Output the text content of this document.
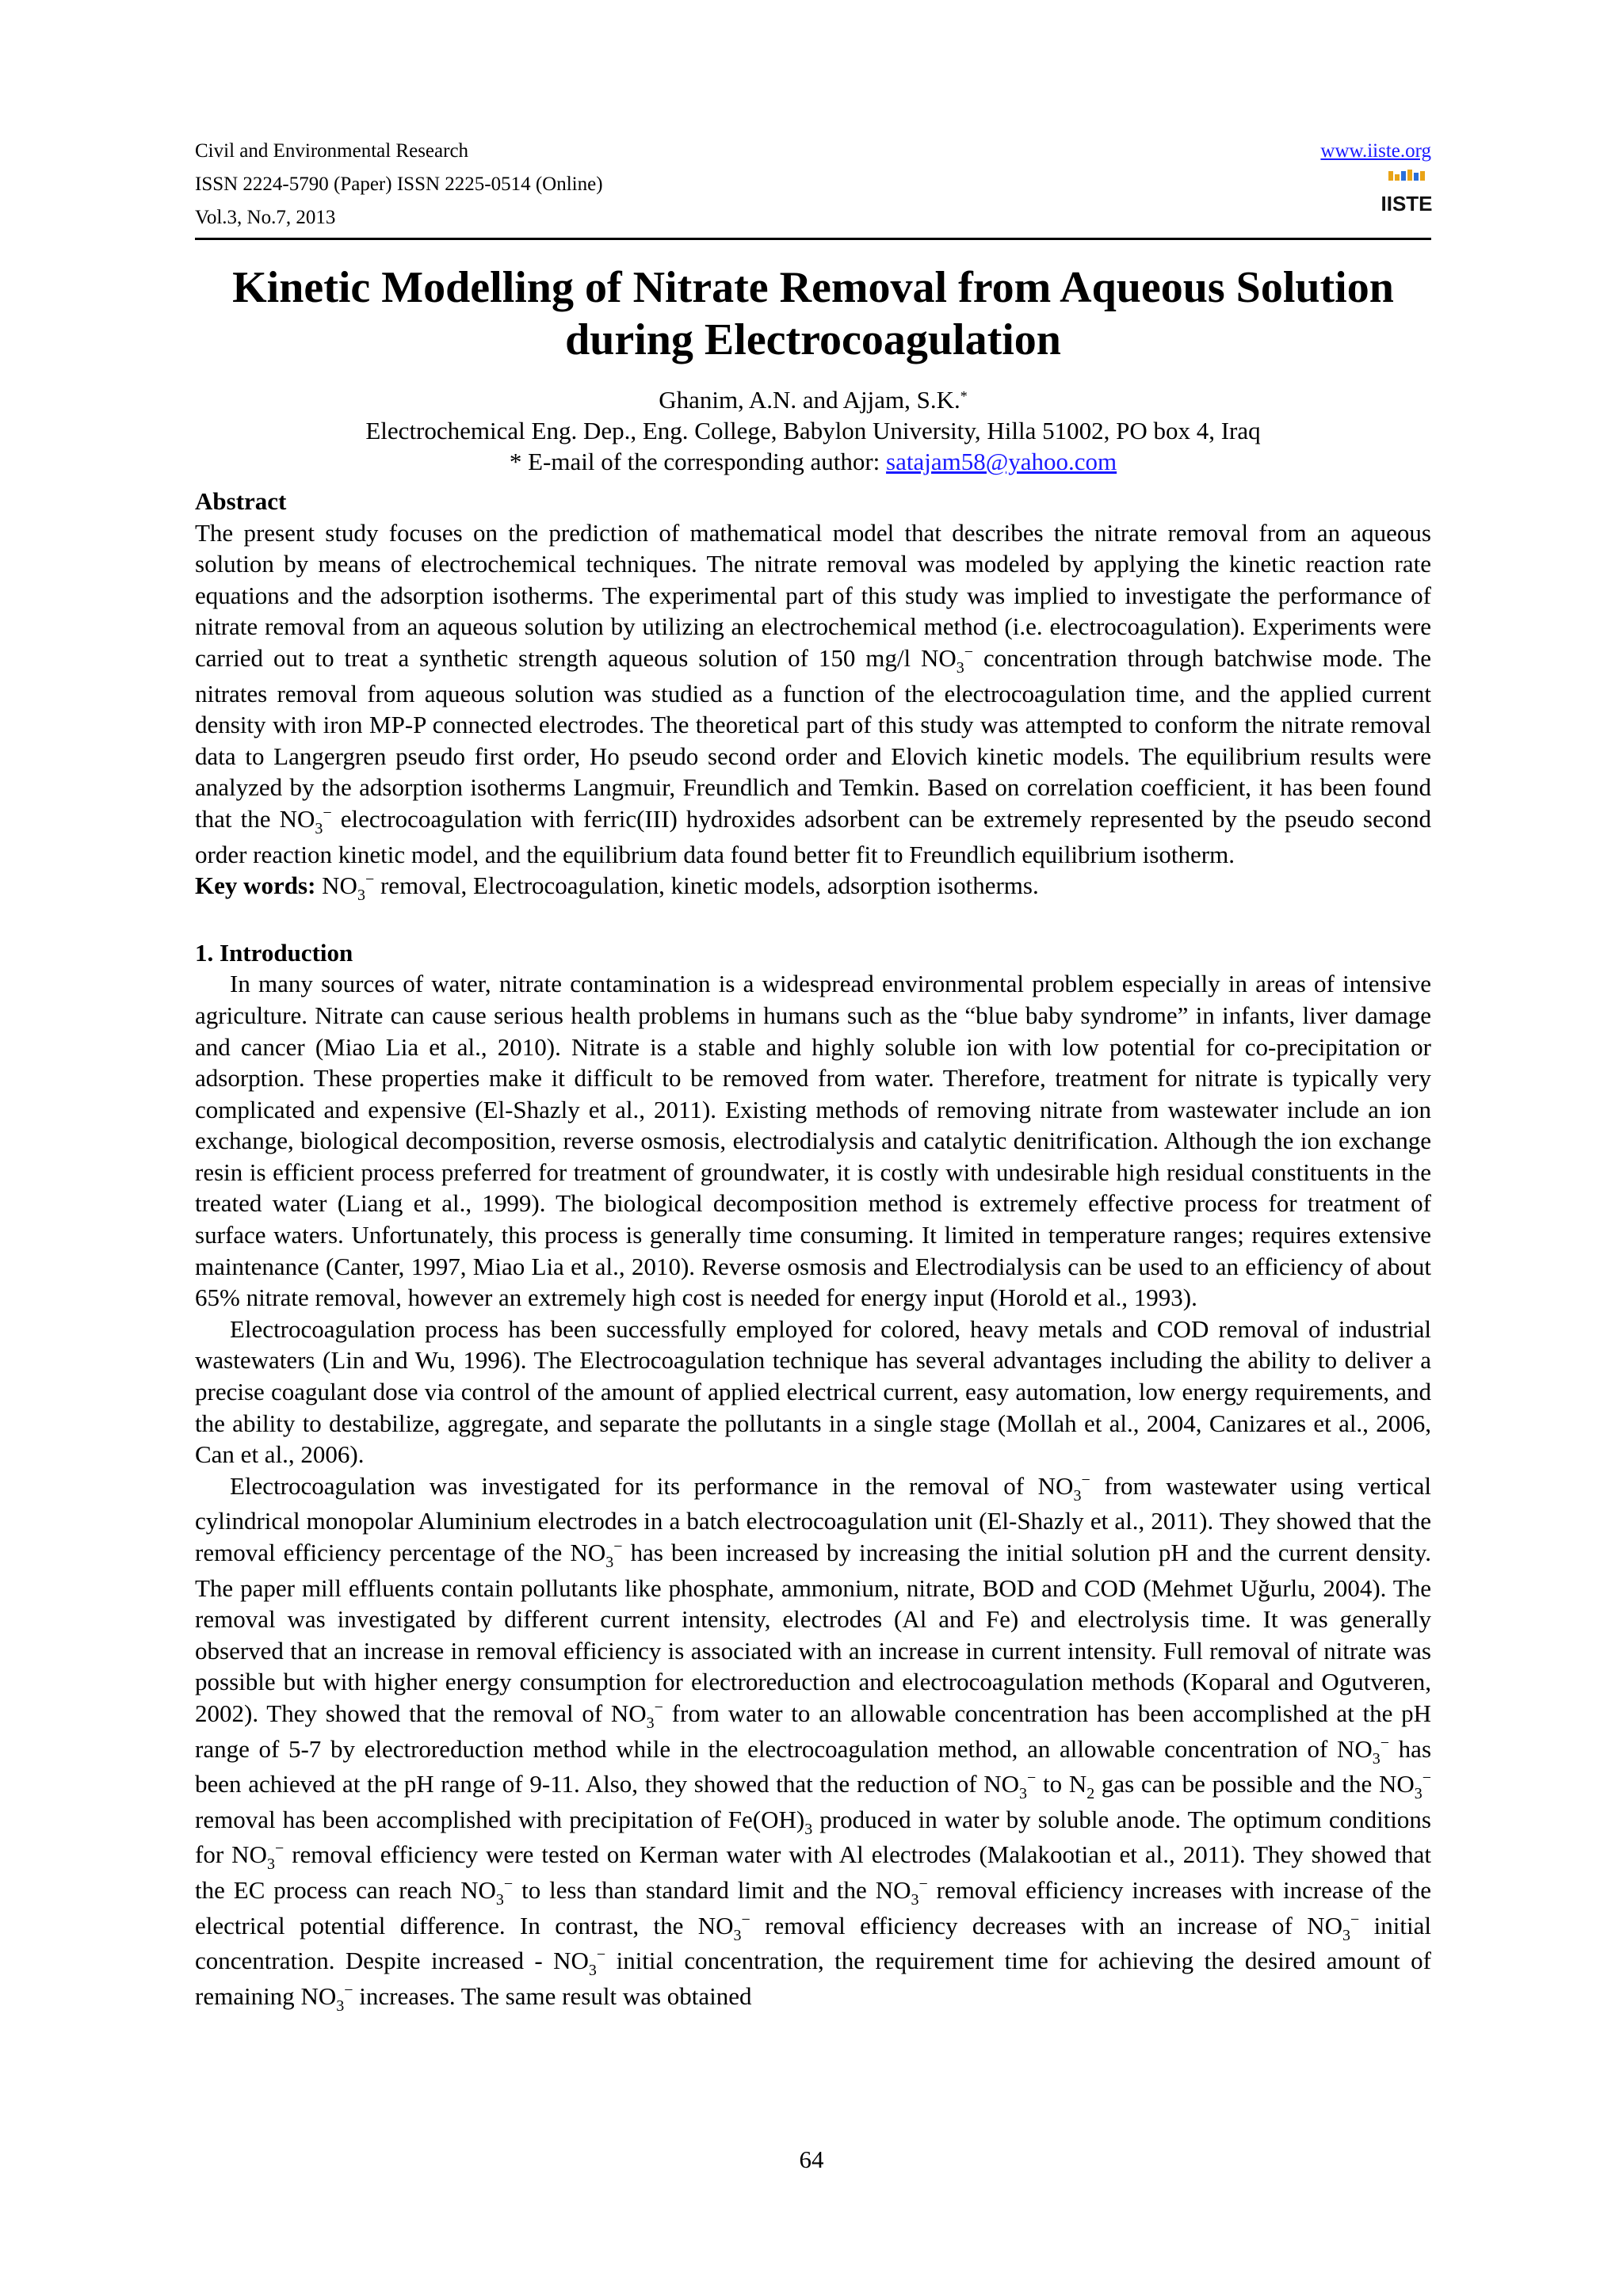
Civil and Environmental Research
ISSN 2224-5790 (Paper) ISSN 2225-0514 (Online)
Vol.3, No.7, 2013
www.iiste.org
IISTE
Kinetic Modelling of Nitrate Removal from Aqueous Solution
during Electrocoagulation
Ghanim, A.N. and Ajjam, S.K.*
Electrochemical Eng. Dep., Eng. College, Babylon University, Hilla 51002, PO box 4, Iraq
* E-mail of the corresponding author: satajam58@yahoo.com
Abstract

The present study focuses on the prediction of mathematical model that describes the nitrate removal from an aqueous solution by means of electrochemical techniques. The nitrate removal was modeled by applying the kinetic reaction rate equations and the adsorption isotherms. The experimental part of this study was implied to investigate the performance of nitrate removal from an aqueous solution by utilizing an electrochemical method (i.e. electrocoagulation). Experiments were carried out to treat a synthetic strength aqueous solution of 150 mg/l $NO_3^-$ concentration through batchwise mode. The nitrates removal from aqueous solution was studied as a function of the electrocoagulation time, and the applied current density with iron MP-P connected electrodes. The theoretical part of this study was attempted to conform the nitrate removal data to Langergren pseudo first order, Ho pseudo second order and Elovich kinetic models. The equilibrium results were analyzed by the adsorption isotherms Langmuir, Freundlich and Temkin. Based on correlation coefficient, it has been found that the $NO_3^-$ electrocoagulation with ferric(III) hydroxides adsorbent can be extremely represented by the pseudo second order reaction kinetic model, and the equilibrium data found better fit to Freundlich equilibrium isotherm.

Key words: $NO_3^-$ removal, Electrocoagulation, kinetic models, adsorption isotherms.

1. Introduction

In many sources of water, nitrate contamination is a widespread environmental problem especially in areas of intensive agriculture. Nitrate can cause serious health problems in humans such as the “blue baby syndrome” in infants, liver damage and cancer (Miao Lia et al., 2010). Nitrate is a stable and highly soluble ion with low potential for co-precipitation or adsorption. These properties make it difficult to be removed from water. Therefore, treatment for nitrate is typically very complicated and expensive (El-Shazly et al., 2011). Existing methods of removing nitrate from wastewater include an ion exchange, biological decomposition, reverse osmosis, electrodialysis and catalytic denitrification. Although the ion exchange resin is efficient process preferred for treatment of groundwater, it is costly with undesirable high residual constituents in the treated water (Liang et al., 1999). The biological decomposition method is extremely effective process for treatment of surface waters. Unfortunately, this process is generally time consuming. It limited in temperature ranges; requires extensive maintenance (Canter, 1997, Miao Lia et al., 2010). Reverse osmosis and Electrodialysis can be used to an efficiency of about 65% nitrate removal, however an extremely high cost is needed for energy input (Horold et al., 1993).

Electrocoagulation process has been successfully employed for colored, heavy metals and COD removal of industrial wastewaters (Lin and Wu, 1996). The Electrocoagulation technique has several advantages including the ability to deliver a precise coagulant dose via control of the amount of applied electrical current, easy automation, low energy requirements, and the ability to destabilize, aggregate, and separate the pollutants in a single stage (Mollah et al., 2004, Canizares et al., 2006, Can et al., 2006).

Electrocoagulation was investigated for its performance in the removal of $NO_3^-$ from wastewater using vertical cylindrical monopolar Aluminium electrodes in a batch electrocoagulation unit (El-Shazly et al., 2011). They showed that the removal efficiency percentage of the $NO_3^-$ has been increased by increasing the initial solution pH and the current density. The paper mill effluents contain pollutants like phosphate, ammonium, nitrate, BOD and COD (Mehmet Uğurlu, 2004). The removal was investigated by different current intensity, electrodes (Al and Fe) and electrolysis time. It was generally observed that an increase in removal efficiency is associated with an increase in current intensity. Full removal of nitrate was possible but with higher energy consumption for electroreduction and electrocoagulation methods (Koparal and Ogutveren, 2002). They showed that the removal of $NO_3^-$ from water to an allowable concentration has been accomplished at the pH range of 5-7 by electroreduction method while in the electrocoagulation method, an allowable concentration of $NO_3^-$ has been achieved at the pH range of 9-11. Also, they showed that the reduction of $NO_3^-$ to $N_2$ gas can be possible and the $NO_3^-$ removal has been accomplished with precipitation of $Fe(OH)_3$ produced in water by soluble anode. The optimum conditions for $NO_3^-$ removal efficiency were tested on Kerman water with Al electrodes (Malakootian et al., 2011). They showed that the EC process can reach $NO_3^-$ to less than standard limit and the $NO_3^-$ removal efficiency increases with increase of the electrical potential difference. In contrast, the $NO_3^-$ removal efficiency decreases with an increase of $NO_3^-$ initial concentration. Despite increased - $NO_3^-$ initial concentration, the requirement time for achieving the desired amount of remaining $NO_3^-$ increases. The same result was obtained

64
